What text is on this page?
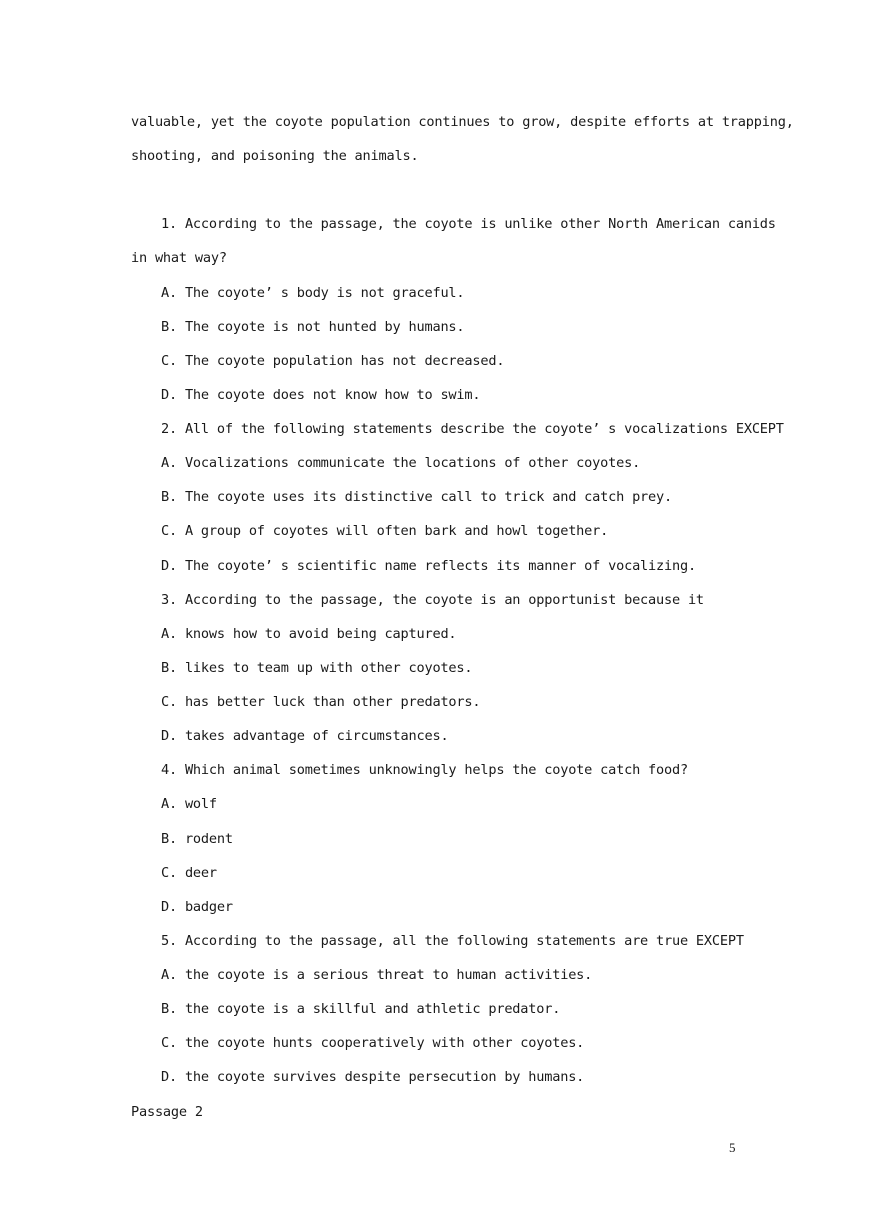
valuable, yet the coyote population continues to grow, despite efforts at trapping,
shooting, and poisoning the animals.
1. According to the passage, the coyote is unlike other North American canids
in what way?
A. The coyote’ s body is not graceful.
B. The coyote is not hunted by humans.
C. The coyote population has not decreased.
D. The coyote does not know how to swim.
2. All of the following statements describe the coyote’ s vocalizations EXCEPT
A. Vocalizations communicate the locations of other coyotes.
B. The coyote uses its distinctive call to trick and catch prey.
C. A group of coyotes will often bark and howl together.
D. The coyote’ s scientific name reflects its manner of vocalizing.
3. According to the passage, the coyote is an opportunist because it
A. knows how to avoid being captured.
B. likes to team up with other coyotes.
C. has better luck than other predators.
D. takes advantage of circumstances.
4. Which animal sometimes unknowingly helps the coyote catch food?
A. wolf
B. rodent
C. deer
D. badger
5. According to the passage, all the following statements are true EXCEPT
A. the coyote is a serious threat to human activities.
B. the coyote is a skillful and athletic predator.
C. the coyote hunts cooperatively with other coyotes.
D. the coyote survives despite persecution by humans.
Passage 2
5
